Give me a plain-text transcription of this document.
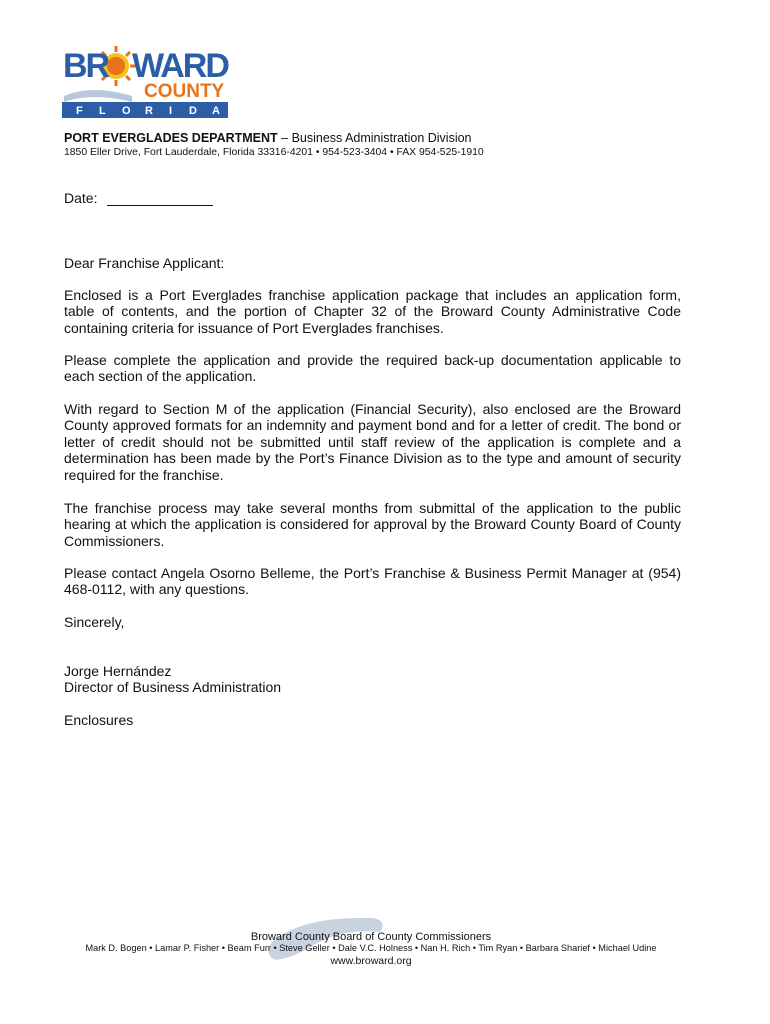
BR WARD
COUNTY
F L O R I D A
PORT EVERGLADES DEPARTMENT – Business Administration Division
1850 Eller Drive, Fort Lauderdale, Florida 33316-4201 • 954-523-3404 • FAX 954-525-1910
Date:

Dear Franchise Applicant:

Enclosed is a Port Everglades franchise application package that includes an application form, table of contents, and the portion of Chapter 32 of the Broward County Administrative Code containing criteria for issuance of Port Everglades franchises.

Please complete the application and provide the required back-up documentation applicable to each section of the application.

With regard to Section M of the application (Financial Security), also enclosed are the Broward County approved formats for an indemnity and payment bond and for a letter of credit. The bond or letter of credit should not be submitted until staff review of the application is complete and a determination has been made by the Port’s Finance Division as to the type and amount of security required for the franchise.

The franchise process may take several months from submittal of the application to the public hearing at which the application is considered for approval by the Broward County Board of County Commissioners.

Please contact Angela Osorno Belleme, the Port’s Franchise & Business Permit Manager at (954) 468-0112, with any questions.

Sincerely,

Jorge Hernández

Director of Business Administration

Enclosures

Broward County Board of County Commissioners
Mark D. Bogen • Lamar P. Fisher • Beam Furr • Steve Geller • Dale V.C. Holness • Nan H. Rich • Tim Ryan • Barbara Sharief • Michael Udine
www.broward.org
